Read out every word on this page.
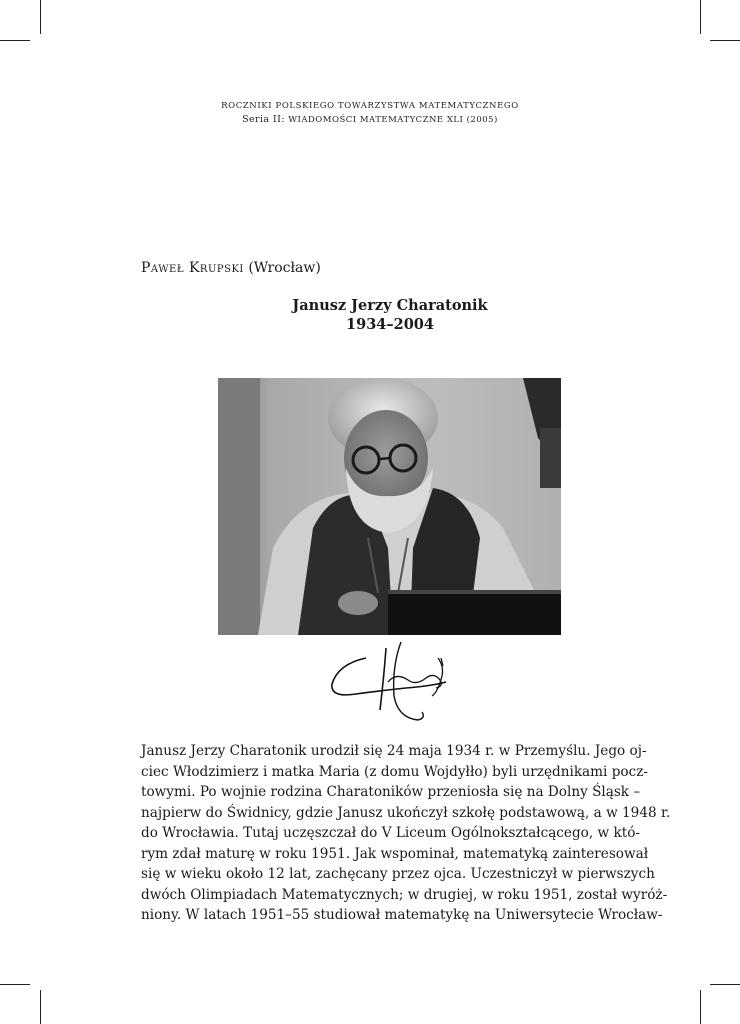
ROCZNIKI POLSKIEGO TOWARZYSTWA MATEMATYCZNEGO
Seria II: WIADOMOŚCI MATEMATYCZNE XLI (2005)
Paweł Krupski (Wrocław)
Janusz Jerzy Charatonik
1934–2004
Janusz Jerzy Charatonik urodził się 24 maja 1934 r. w Przemyślu. Jego oj-
ciec Włodzimierz i matka Maria (z domu Wojdyłło) byli urzędnikami pocz-
towymi. Po wojnie rodzina Charatoników przeniosła się na Dolny Śląsk –
najpierw do Świdnicy, gdzie Janusz ukończył szkołę podstawową, a w 1948 r.
do Wrocławia. Tutaj uczęszczał do V Liceum Ogólnokształcącego, w któ-
rym zdał maturę w roku 1951. Jak wspominał, matematyką zainteresował
się w wieku około 12 lat, zachęcany przez ojca. Uczestniczył w pierwszych
dwóch Olimpiadach Matematycznych; w drugiej, w roku 1951, został wyróż-
niony. W latach 1951–55 studiował matematykę na Uniwersytecie Wrocław-
